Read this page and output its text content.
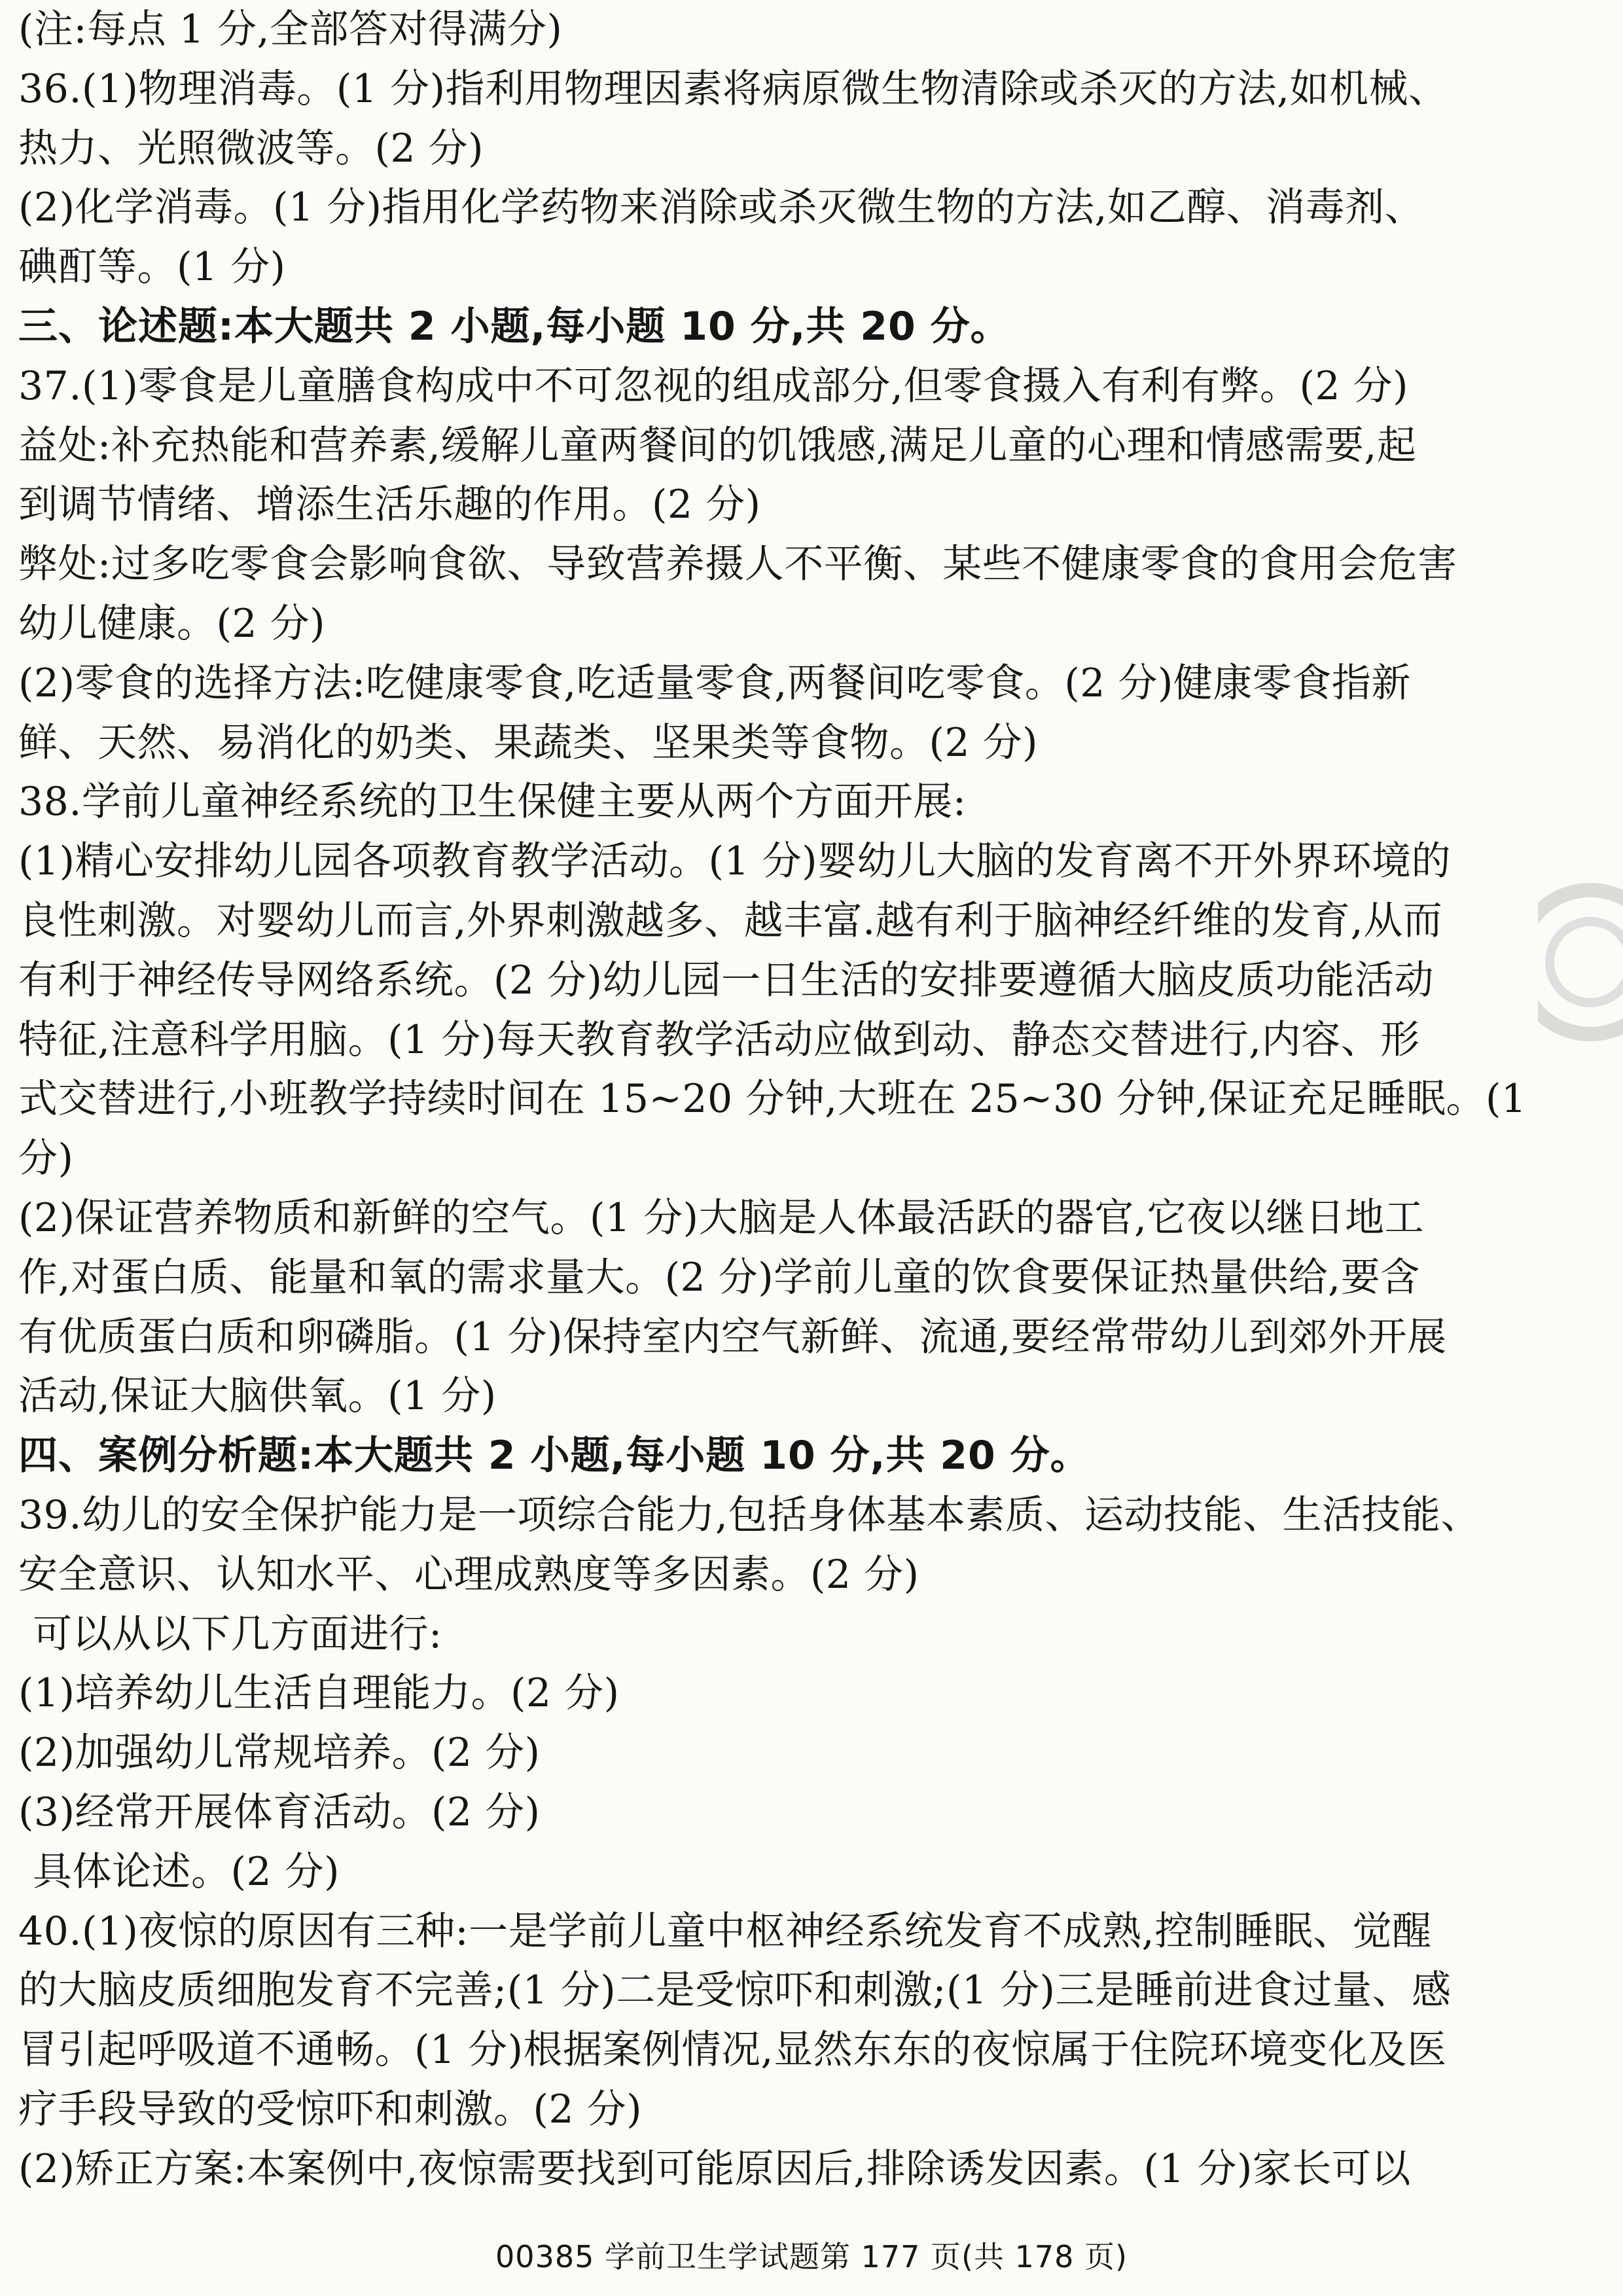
(注:每点 1 分,全部答对得满分)
36.(1)物理消毒。(1 分)指利用物理因素将病原微生物清除或杀灭的方法,如机械、
热力、光照微波等。(2 分)
(2)化学消毒。(1 分)指用化学药物来消除或杀灭微生物的方法,如乙醇、消毒剂、
碘酊等。(1 分)
三、论述题:本大题共 2 小题,每小题 10 分,共 20 分。
37.(1)零食是儿童膳食构成中不可忽视的组成部分,但零食摄入有利有弊。(2 分)
益处:补充热能和营养素,缓解儿童两餐间的饥饿感,满足儿童的心理和情感需要,起
到调节情绪、增添生活乐趣的作用。(2 分)
弊处:过多吃零食会影响食欲、导致营养摄人不平衡、某些不健康零食的食用会危害
幼儿健康。(2 分)
(2)零食的选择方法:吃健康零食,吃适量零食,两餐间吃零食。(2 分)健康零食指新
鲜、天然、易消化的奶类、果蔬类、坚果类等食物。(2 分)
38.学前儿童神经系统的卫生保健主要从两个方面开展:
(1)精心安排幼儿园各项教育教学活动。(1 分)婴幼儿大脑的发育离不开外界环境的
良性刺激。对婴幼儿而言,外界刺激越多、越丰富.越有利于脑神经纤维的发育,从而
有利于神经传导网络系统。(2 分)幼儿园一日生活的安排要遵循大脑皮质功能活动
特征,注意科学用脑。(1 分)每天教育教学活动应做到动、静态交替进行,内容、形
式交替进行,小班教学持续时间在 15~20 分钟,大班在 25~30 分钟,保证充足睡眠。(1
分)
(2)保证营养物质和新鲜的空气。(1 分)大脑是人体最活跃的器官,它夜以继日地工
作,对蛋白质、能量和氧的需求量大。(2 分)学前儿童的饮食要保证热量供给,要含
有优质蛋白质和卵磷脂。(1 分)保持室内空气新鲜、流通,要经常带幼儿到郊外开展
活动,保证大脑供氧。(1 分)
四、案例分析题:本大题共 2 小题,每小题 10 分,共 20 分。
39.幼儿的安全保护能力是一项综合能力,包括身体基本素质、运动技能、生活技能、
安全意识、认知水平、心理成熟度等多因素。(2 分)
可以从以下几方面进行:
(1)培养幼儿生活自理能力。(2 分)
(2)加强幼儿常规培养。(2 分)
(3)经常开展体育活动。(2 分)
具体论述。(2 分)
40.(1)夜惊的原因有三种:一是学前儿童中枢神经系统发育不成熟,控制睡眠、觉醒
的大脑皮质细胞发育不完善;(1 分)二是受惊吓和刺激;(1 分)三是睡前进食过量、感
冒引起呼吸道不通畅。(1 分)根据案例情况,显然东东的夜惊属于住院环境变化及医
疗手段导致的受惊吓和刺激。(2 分)
(2)矫正方案:本案例中,夜惊需要找到可能原因后,排除诱发因素。(1 分)家长可以
00385 学前卫生学试题第 177 页(共 178 页)
